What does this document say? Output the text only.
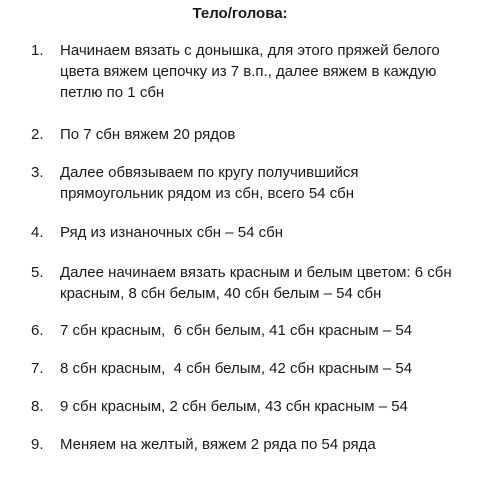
Тело/голова:
1.	Начинаем вязать с донышка, для этого пряжей белого
цвета вяжем цепочку из 7 в.п., далее вяжем в каждую
петлю по 1 сбн
2.	По 7 сбн вяжем 20 рядов
3.	Далее обвязываем по кругу получившийся
прямоугольник рядом из сбн, всего 54 сбн
4.	Ряд из изнаночных сбн – 54 сбн
5.	Далее начинаем вязать красным и белым цветом: 6 сбн
красным, 8 сбн белым, 40 сбн белым – 54 сбн
6.	7 сбн красным,  6 сбн белым, 41 сбн красным – 54
7.	8 сбн красным,  4 сбн белым, 42 сбн красным – 54
8.	9 сбн красным, 2 сбн белым, 43 сбн красным – 54
9.	Меняем на желтый, вяжем 2 ряда по 54 ряда
